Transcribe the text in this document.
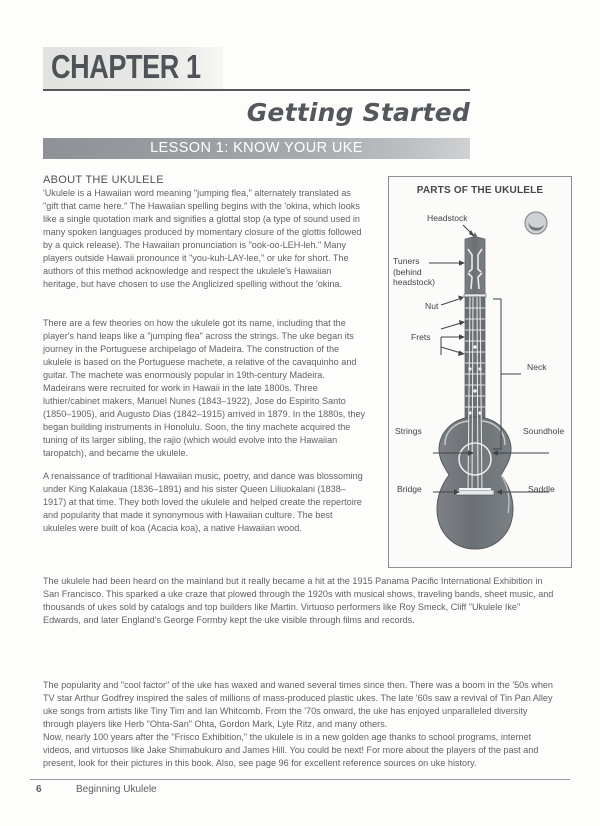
CHAPTER 1
Getting Started
LESSON 1: KNOW YOUR UKE
ABOUT THE UKULELE

'Ukulele is a Hawaiian word meaning "jumping flea," alternately translated as "gift that came here." The Hawaiian spelling begins with the 'okina, which looks like a single quotation mark and signifies a glottal stop (a type of sound used in many spoken languages produced by momentary closure of the glottis followed by a quick release). The Hawaiian pronunciation is "ook-oo-LEH-leh." Many players outside Hawaii pronounce it "you-kuh-LAY-lee," or uke for short. The authors of this method acknowledge and respect the ukulele's Hawaiian heritage, but have chosen to use the Anglicized spelling without the 'okina.

There are a few theories on how the ukulele got its name, including that the player's hand leaps like a "jumping flea" across the strings. The uke began its journey in the Portuguese archipelago of Madeira. The construction of the ukulele is based on the Portuguese machete, a relative of the cavaquinho and guitar. The machete was enormously popular in 19th-century Madeira. Madeirans were recruited for work in Hawaii in the late 1800s. Three luthier/cabinet makers, Manuel Nunes (1843–1922), Jose do Espirito Santo (1850–1905), and Augusto Dias (1842–1915) arrived in 1879. In the 1880s, they began building instruments in Honolulu. Soon, the tiny machete acquired the tuning of its larger sibling, the rajio (which would evolve into the Hawaiian taropatch), and became the ukulele.

A renaissance of traditional Hawaiian music, poetry, and dance was blossoming under King Kalakaua (1836–1891) and his sister Queen Liliuokalani (1838–1917) at that time. They both loved the ukulele and helped create the repertoire and popularity that made it synonymous with Hawaiian culture. The best ukuleles were built of koa (Acacia koa), a native Hawaiian wood.

The ukulele had been heard on the mainland but it really became a hit at the 1915 Panama Pacific International Exhibition in San Francisco. This sparked a uke craze that plowed through the 1920s with musical shows, traveling bands, sheet music, and thousands of ukes sold by catalogs and top builders like Martin. Virtuoso performers like Roy Smeck, Cliff "Ukulele Ike" Edwards, and later England's George Formby kept the uke visible through films and records.

The popularity and "cool factor" of the uke has waxed and waned several times since then. There was a boom in the '50s when TV star Arthur Godfrey inspired the sales of millions of mass-produced plastic ukes. The late '60s saw a revival of Tin Pan Alley uke songs from artists like Tiny Tim and Ian Whitcomb. From the '70s onward, the uke has enjoyed unparalleled diversity through players like Herb "Ohta-San" Ohta, Gordon Mark, Lyle Ritz, and many others.

Now, nearly 100 years after the "Frisco Exhibition," the ukulele is in a new golden age thanks to school programs, internet videos, and virtuosos like Jake Shimabukuro and James Hill. You could be next! For more about the players of the past and present, look for their pictures in this book. Also, see page 96 for excellent reference sources on uke history.

PARTS OF THE UKULELE
Headstock
Tuners
(behind
headstock)
Nut
Frets
Neck
Strings	Soundhole
Bridge	Saddle
6	Beginning Ukulele
